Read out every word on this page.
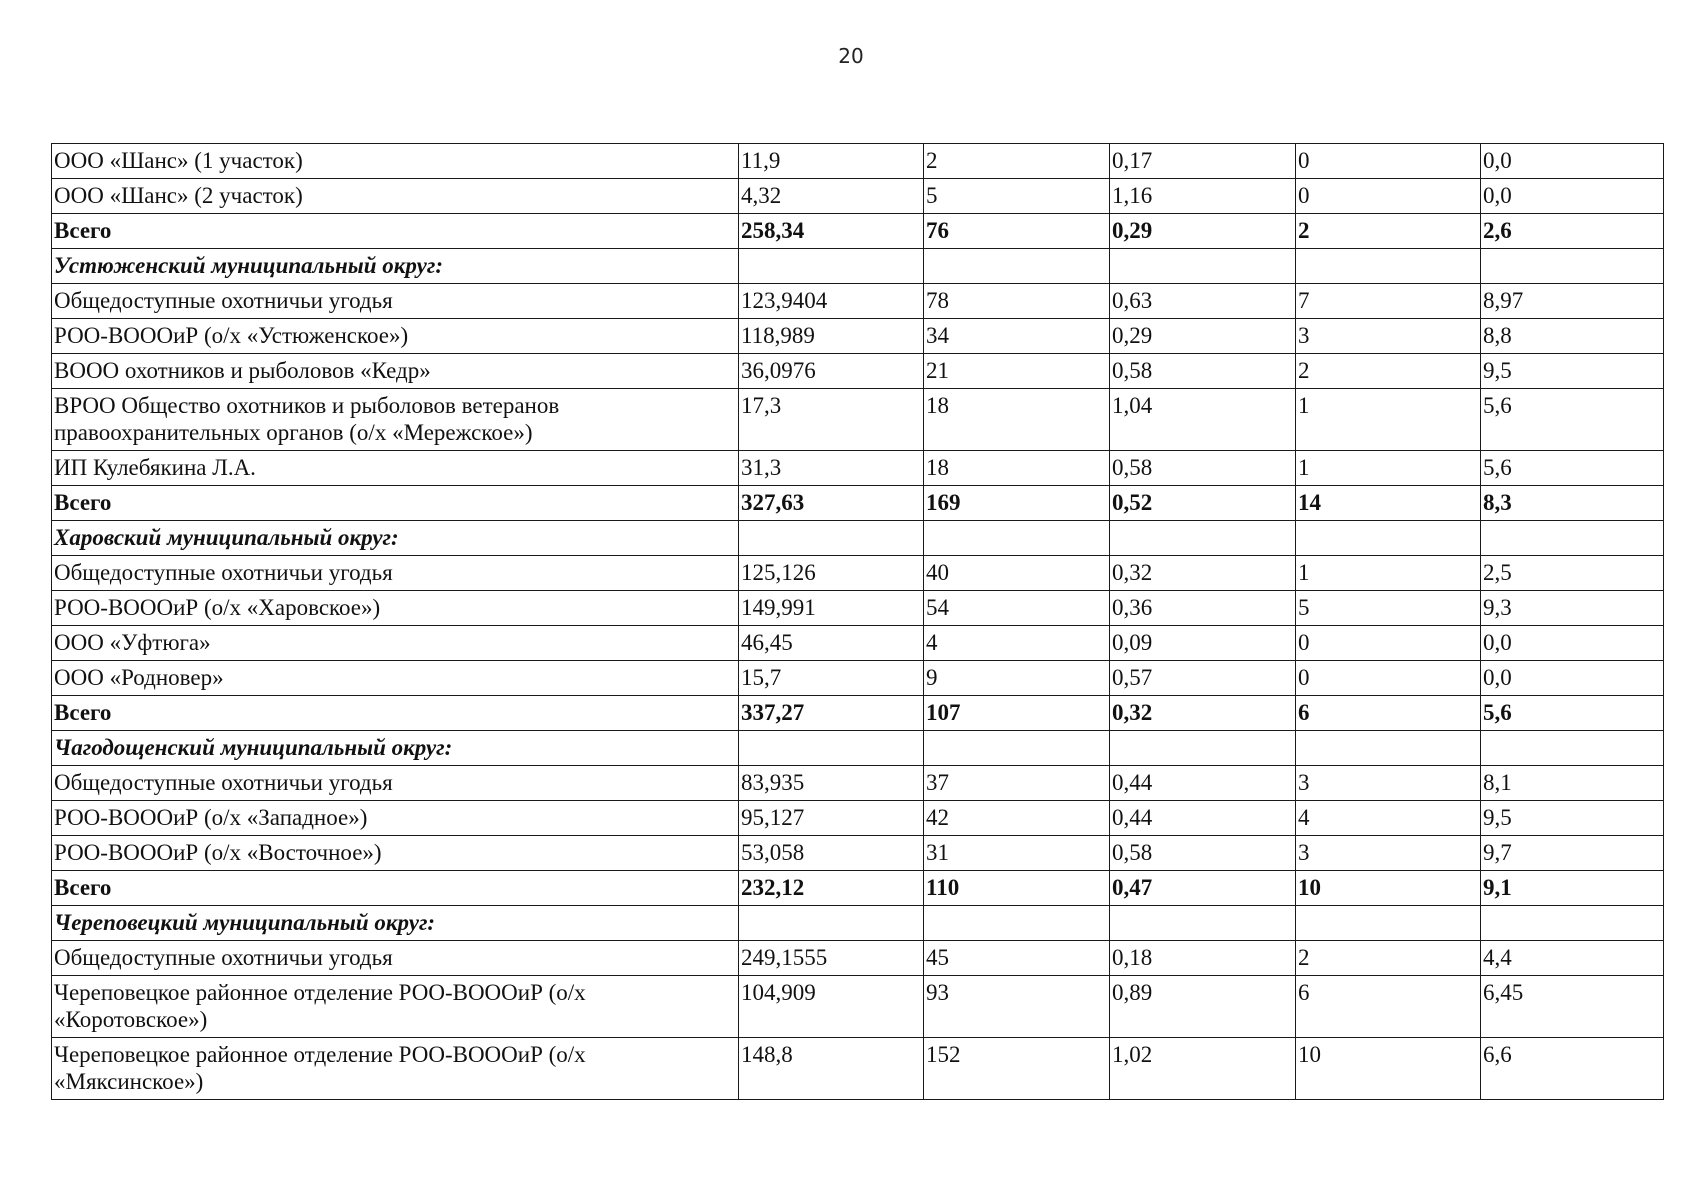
20
ООО «Шанс» (1 участок)	11,9	2	0,17	0	0,0
ООО «Шанс» (2 участок)	4,32	5	1,16	0	0,0
Всего	258,34	76	0,29	2	2,6
Устюженский муниципальный округ:					
Общедоступные охотничьи угодья	123,9404	78	0,63	7	8,97
РОО-ВОООиР (о/х «Устюженское»)	118,989	34	0,29	3	8,8
ВООО охотников и рыболовов «Кедр»	36,0976	21	0,58	2	9,5
ВРОО Общество охотников и рыболовов ветеранов правоохранительных органов (о/х «Мережское»)	17,3	18	1,04	1	5,6
ИП Кулебякина Л.А.	31,3	18	0,58	1	5,6
Всего	327,63	169	0,52	14	8,3
Харовский муниципальный округ:					
Общедоступные охотничьи угодья	125,126	40	0,32	1	2,5
РОО-ВОООиР (о/х «Харовское»)	149,991	54	0,36	5	9,3
ООО «Уфтюга»	46,45	4	0,09	0	0,0
ООО «Родновер»	15,7	9	0,57	0	0,0
Всего	337,27	107	0,32	6	5,6
Чагодощенский муниципальный округ:					
Общедоступные охотничьи угодья	83,935	37	0,44	3	8,1
РОО-ВОООиР (о/х «Западное»)	95,127	42	0,44	4	9,5
РОО-ВОООиР (о/х «Восточное»)	53,058	31	0,58	3	9,7
Всего	232,12	110	0,47	10	9,1
Череповецкий муниципальный округ:					
Общедоступные охотничьи угодья	249,1555	45	0,18	2	4,4
Череповецкое районное отделение РОО-ВОООиР (о/х «Коротовское»)	104,909	93	0,89	6	6,45
Череповецкое районное отделение РОО-ВОООиР (о/х «Мяксинское»)	148,8	152	1,02	10	6,6
